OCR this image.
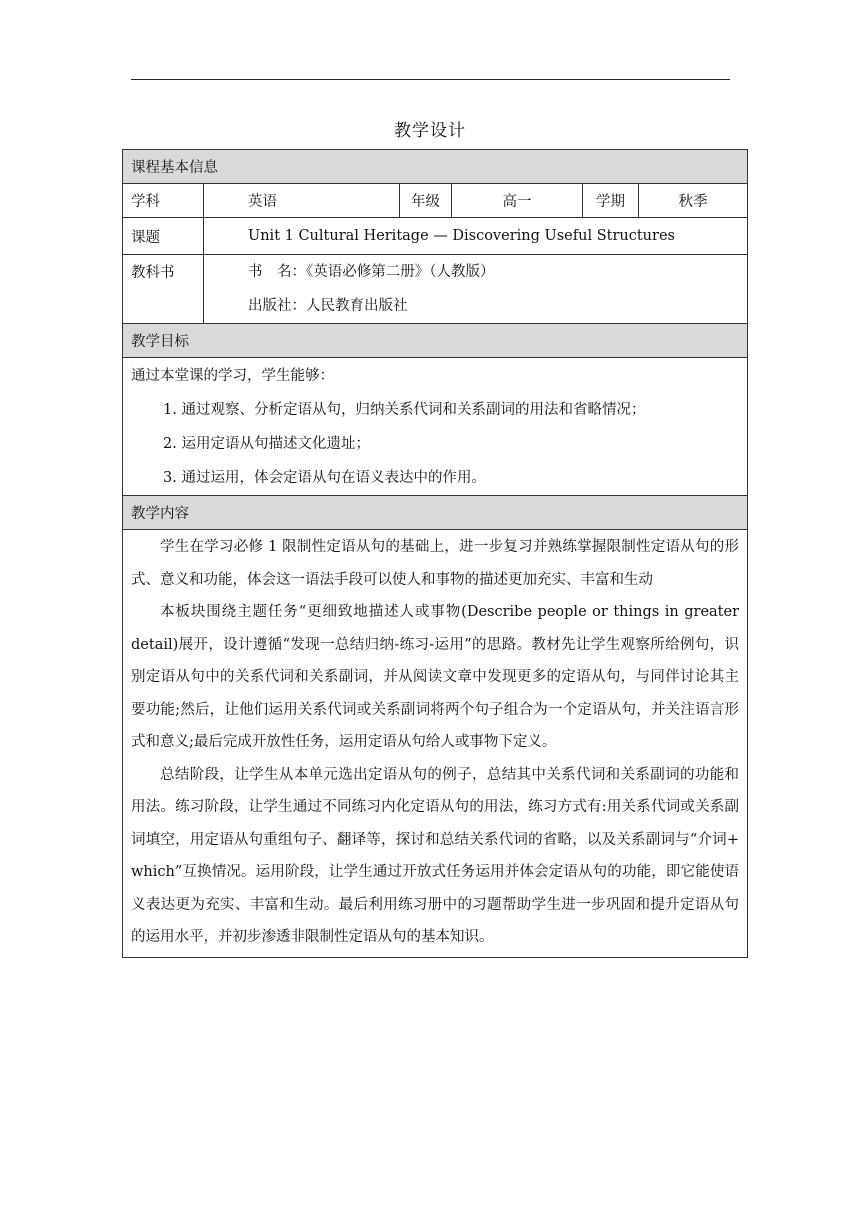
教学设计
课程基本信息					
学科	英语	年级	高一	学期	秋季
课题	Unit 1 Cultural Heritage — Discovering Useful Structures				
教科书	书　名：《英语必修第二册》（人教版）
出版社：人民教育出版社				

教学目标					

通过本堂课的学习，学生能够：
1. 通过观察、分析定语从句，归纳关系代词和关系副词的用法和省略情况；
2. 运用定语从句描述文化遗址；
3. 通过运用，体会定语从句在语义表达中的作用。					

教学内容					

学生在学习必修 1 限制性定语从句的基础上，进一步复习并熟练掌握限制性定语从句的形式、意义和功能，体会这一语法手段可以使人和事物的描述更加充实、丰富和生动

本板块围绕主题任务“更细致地描述人或事物(Describe people or things in greater detail)展开，设计遵循“发现一总结归纳-练习-运用”的思路。教材先让学生观察所给例句，识别定语从句中的关系代词和关系副词，并从阅读文章中发现更多的定语从句，与同伴讨论其主要功能;然后，让他们运用关系代词或关系副词将两个句子组合为一个定语从句，并关注语言形式和意义;最后完成开放性任务，运用定语从句给人或事物下定义。

总结阶段，让学生从本单元选出定语从句的例子，总结其中关系代词和关系副词的功能和用法。练习阶段，让学生通过不同练习内化定语从句的用法，练习方式有:用关系代词或关系副词填空，用定语从句重组句子、翻译等，探讨和总结关系代词的省略，以及关系副词与“介词+ which”互换情况。运用阶段，让学生通过开放式任务运用并体会定语从句的功能，即它能使语义表达更为充实、丰富和生动。最后利用练习册中的习题帮助学生进一步巩固和提升定语从句的运用水平，并初步渗透非限制性定语从句的基本知识。					
